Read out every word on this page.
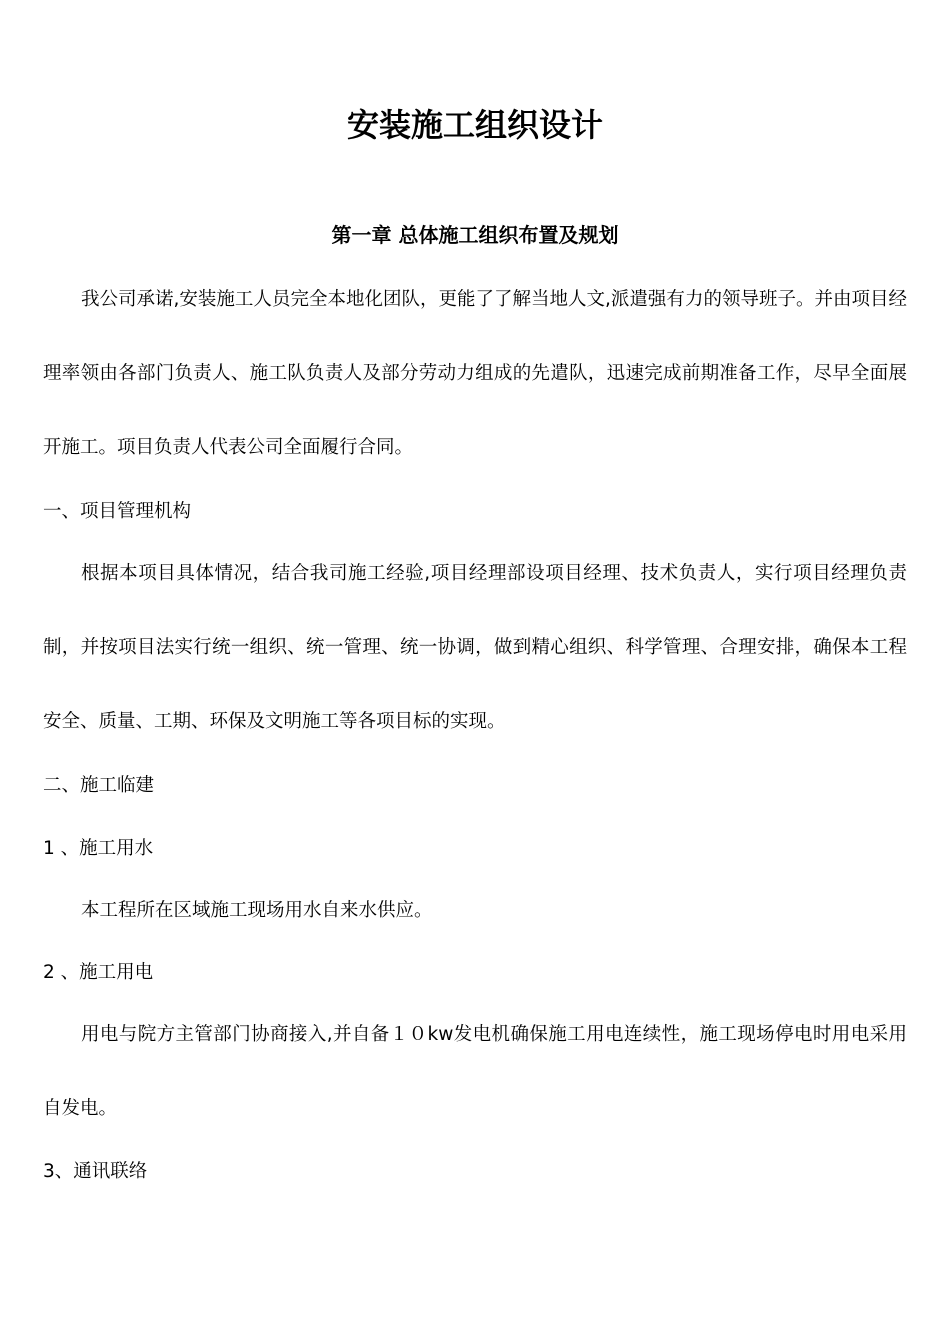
安装施工组织设计
第一章 总体施工组织布置及规划

我公司承诺,安装施工人员完全本地化团队，更能了了解当地人文,派遣强有力的领导班子。并由项目经理率领由各部门负责人、施工队负责人及部分劳动力组成的先遣队，迅速完成前期准备工作，尽早全面展开施工。项目负责人代表公司全面履行合同。

一、项目管理机构

根据本项目具体情况，结合我司施工经验,项目经理部设项目经理、技术负责人，实行项目经理负责制，并按项目法实行统一组织、统一管理、统一协调，做到精心组织、科学管理、合理安排，确保本工程安全、质量、工期、环保及文明施工等各项目标的实现。

二、施工临建
1 、施工用水
本工程所在区域施工现场用水自来水供应。
2 、施工用电

用电与院方主管部门协商接入,并自备１０kw发电机确保施工用电连续性，施工现场停电时用电采用自发电。

3、通讯联络
